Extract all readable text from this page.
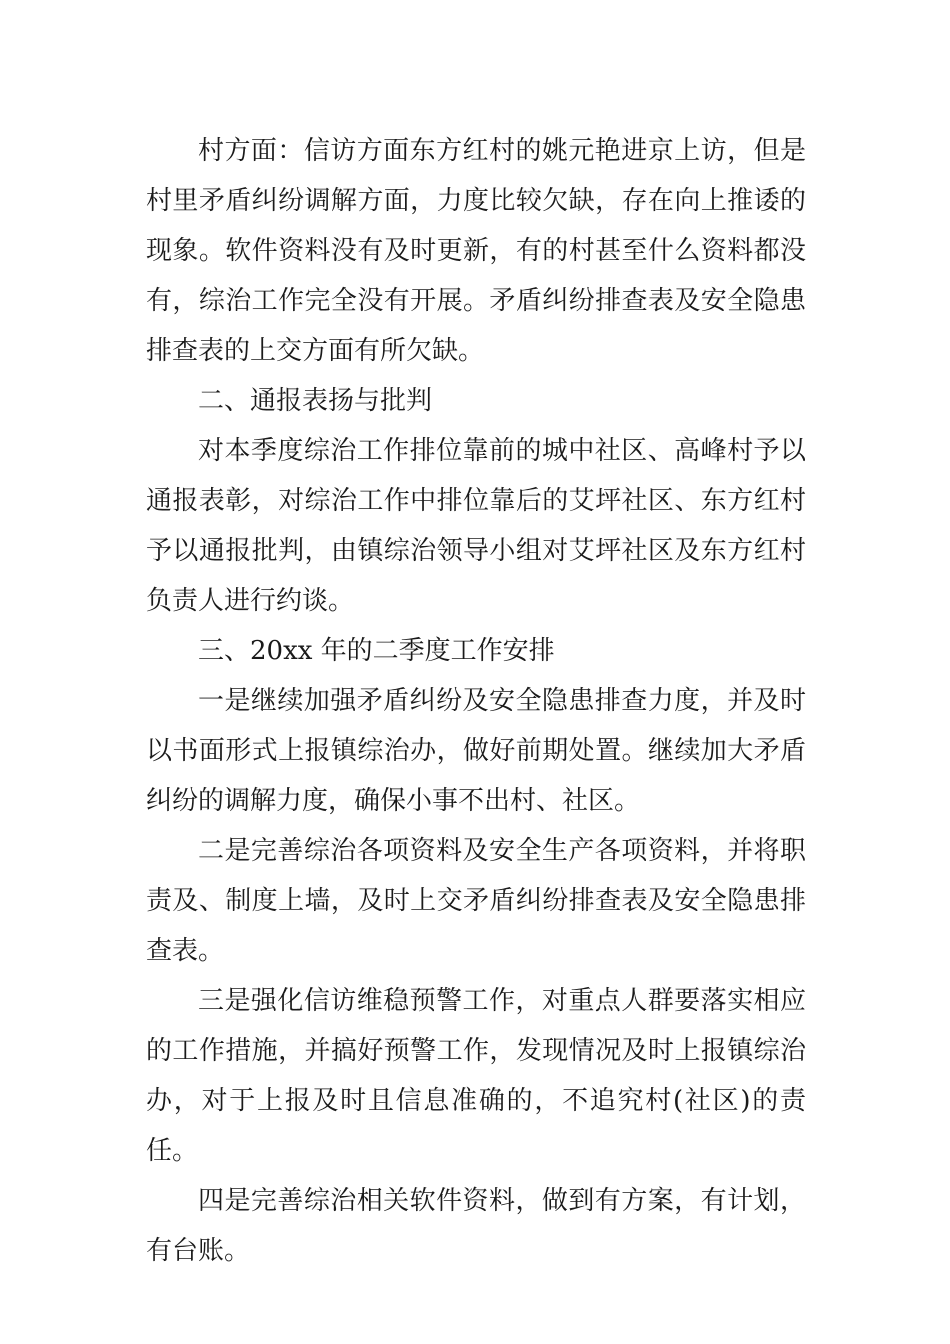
村方面：信访方面东方红村的姚元艳进京上访，但是村里矛盾纠纷调解方面，力度比较欠缺，存在向上推诿的现象。软件资料没有及时更新，有的村甚至什么资料都没有，综治工作完全没有开展。矛盾纠纷排查表及安全隐患排查表的上交方面有所欠缺。

二、通报表扬与批判

对本季度综治工作排位靠前的城中社区、高峰村予以通报表彰，对综治工作中排位靠后的艾坪社区、东方红村予以通报批判，由镇综治领导小组对艾坪社区及东方红村负责人进行约谈。

三、20xx 年的二季度工作安排

一是继续加强矛盾纠纷及安全隐患排查力度，并及时以书面形式上报镇综治办，做好前期处置。继续加大矛盾纠纷的调解力度，确保小事不出村、社区。

二是完善综治各项资料及安全生产各项资料，并将职责及、制度上墙，及时上交矛盾纠纷排查表及安全隐患排查表。

三是强化信访维稳预警工作，对重点人群要落实相应的工作措施，并搞好预警工作，发现情况及时上报镇综治办，对于上报及时且信息准确的，不追究村(社区)的责任。

四是完善综治相关软件资料，做到有方案，有计划，有台账。
